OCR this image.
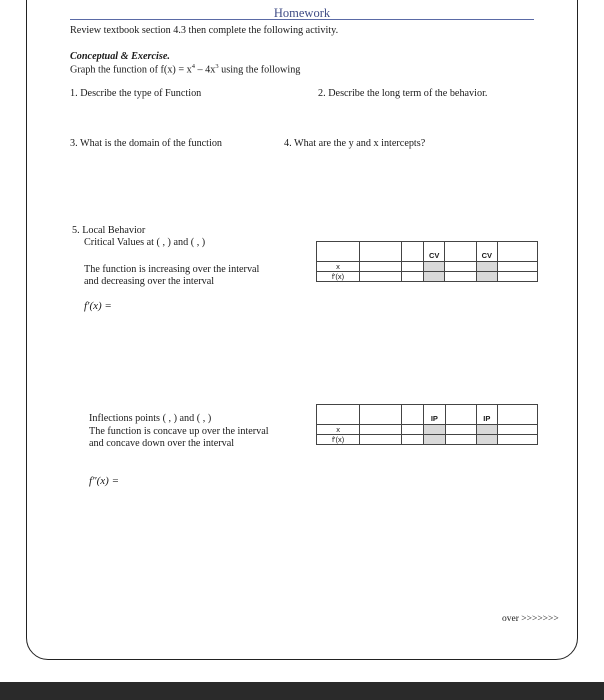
Homework
Review textbook section 4.3 then complete the following activity.
Conceptual & Exercise.
Graph the function of $f(x) = x^4 - 4x^3$ using the following
1. Describe the type of Function	2. Describe the long term of the behavior.
3. What is the domain of the function	4. What are the y and x intercepts?
5. Local Behavior
Critical Values at ( , ) and ( , )
The function is increasing over the interval
and decreasing over the interval
f′(x) =
			CV		CV	
x						
f'(x)						
Inflections points ( , ) and ( , )
The function is concave up over the interval
and concave down over the interval
f″(x) =
			IP		IP	
x						
f'(x)						
over >>>>>>>
